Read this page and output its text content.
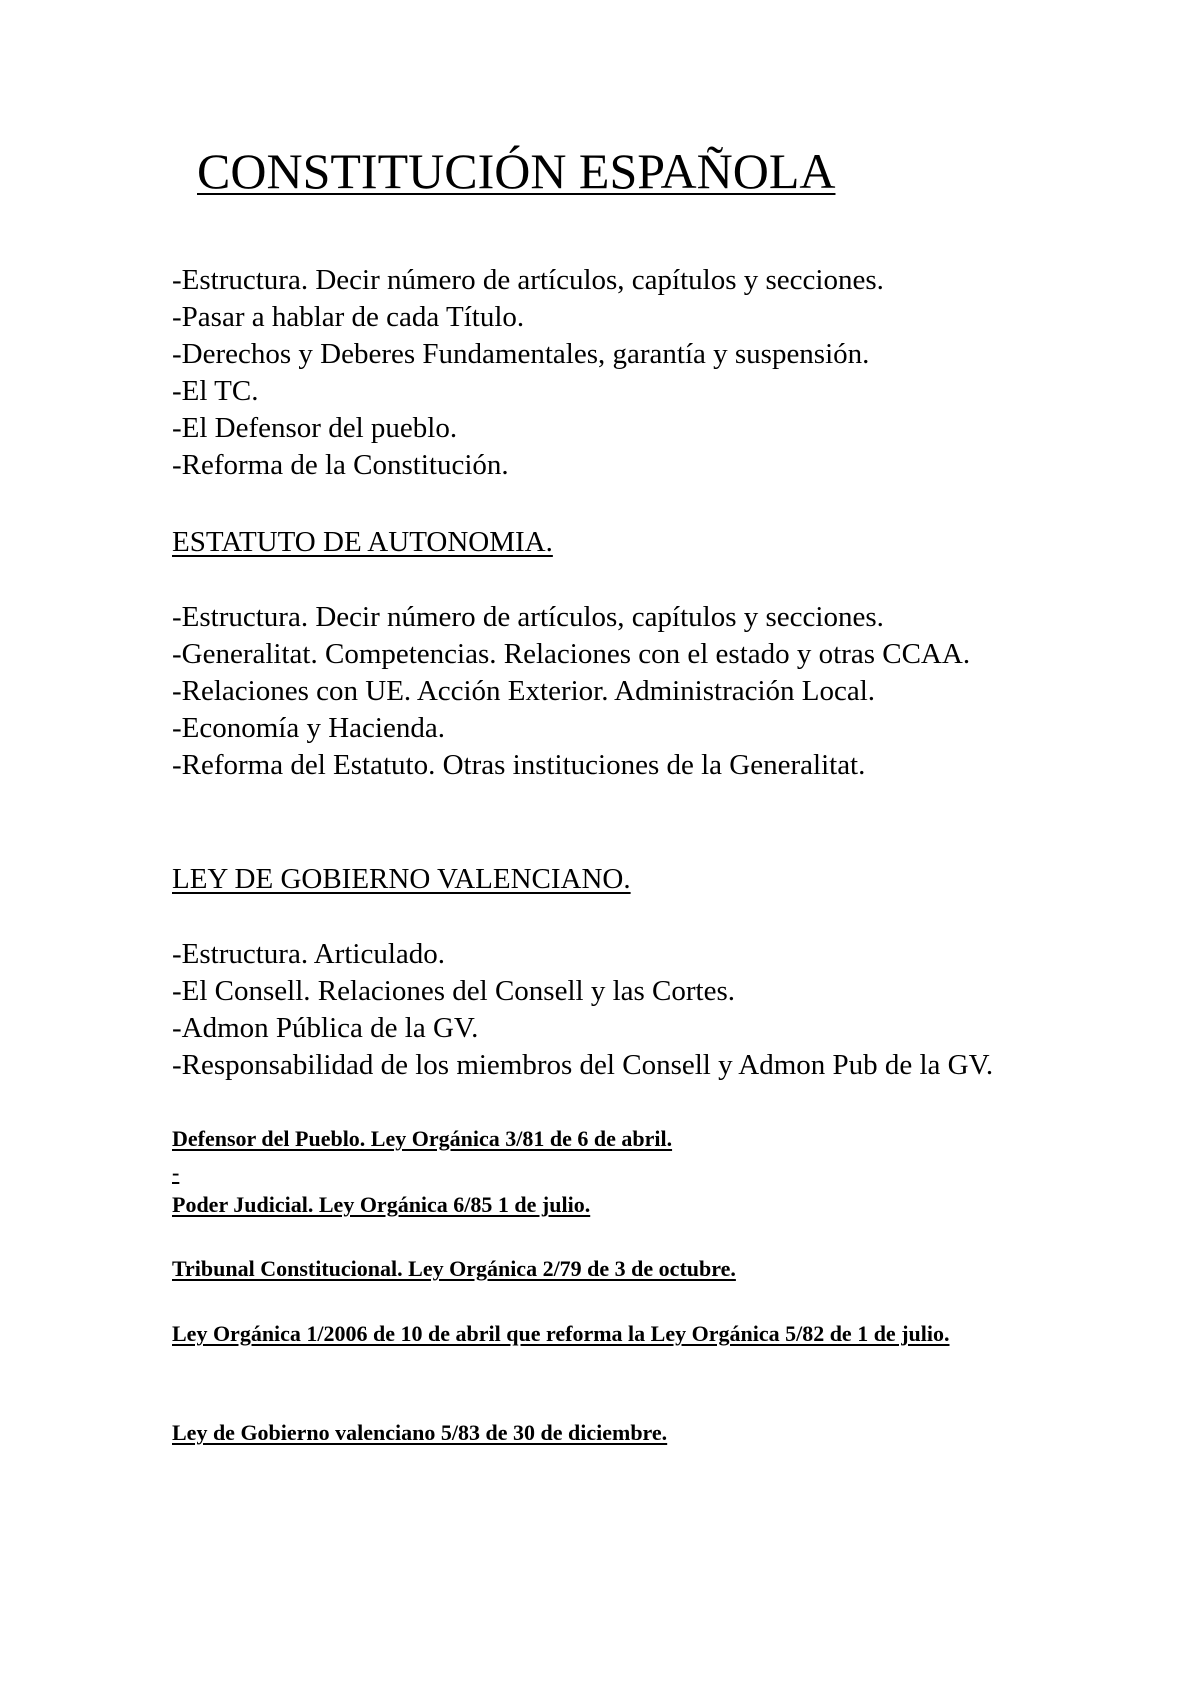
CONSTITUCIÓN ESPAÑOLA
-Estructura. Decir número de artículos, capítulos y secciones.
-Pasar a hablar de cada Título.
-Derechos y Deberes Fundamentales, garantía y suspensión.
-El TC.
-El Defensor del pueblo.
-Reforma de la Constitución.
ESTATUTO DE AUTONOMIA.
-Estructura. Decir número de artículos, capítulos y secciones.
-Generalitat. Competencias. Relaciones con el estado y otras CCAA.
-Relaciones con UE. Acción Exterior. Administración Local.
-Economía y Hacienda.
-Reforma del Estatuto. Otras instituciones de la Generalitat.
LEY DE GOBIERNO VALENCIANO.
-Estructura. Articulado.
-El Consell. Relaciones del Consell y las Cortes.
-Admon Pública de la GV.
-Responsabilidad de los miembros del Consell y Admon Pub de la GV.

Defensor del Pueblo. Ley Orgánica 3/81 de 6 de abril.

-

Poder Judicial. Ley Orgánica 6/85 1 de julio.

Tribunal Constitucional. Ley Orgánica 2/79 de 3 de octubre.

Ley Orgánica 1/2006 de 10 de abril que reforma la Ley Orgánica 5/82 de 1 de julio.

Ley de Gobierno valenciano 5/83 de 30 de diciembre.
